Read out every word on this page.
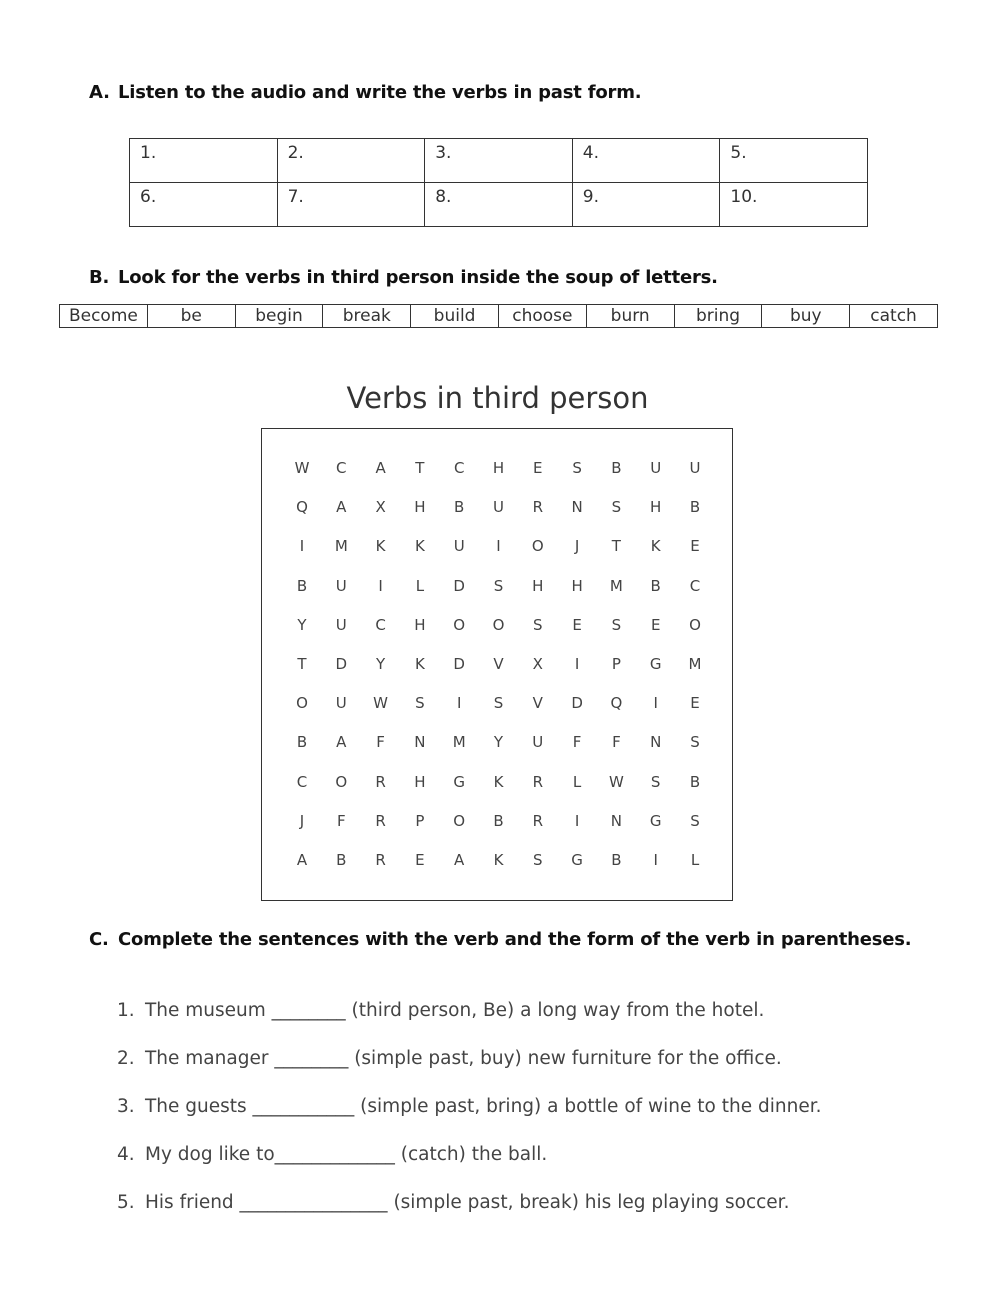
A. Listen to the audio and write the verbs in past form.
1.	2.	3.	4.	5.
6.	7.	8.	9.	10.
B. Look for the verbs in third person inside the soup of letters.
Become	be	begin	break	build	choose	burn	bring	buy	catch
Verbs in third person
W	C	A	T	C	H	E	S	B	U	U
Q	A	X	H	B	U	R	N	S	H	B
I	M	K	K	U	I	O	J	T	K	E
B	U	I	L	D	S	H H M	B	C
Y	U	C	H O O	S	E	S	E	O
T	D	Y	K	D	V	X	I	P	G M
O	U	W	S	I	S	V	D Q	I	E
B	A	F	N M	Y	U	F	F	N	S
C	O	R	H G	K	R	L	W	S	B
J	F	R	P	O	B	R	I	N G	S
A	B	R	E	A	K	S	G	B	I	L
C. Complete the sentences with the verb and the form of the verb in parentheses.
1. The museum ________ (third person, Be) a long way from the hotel.
2. The manager ________ (simple past, buy) new furniture for the office.
3. The guests ___________ (simple past, bring) a bottle of wine to the dinner.
4. My dog like to_____________ (catch) the ball.
5. His friend ________________ (simple past, break) his leg playing soccer.
